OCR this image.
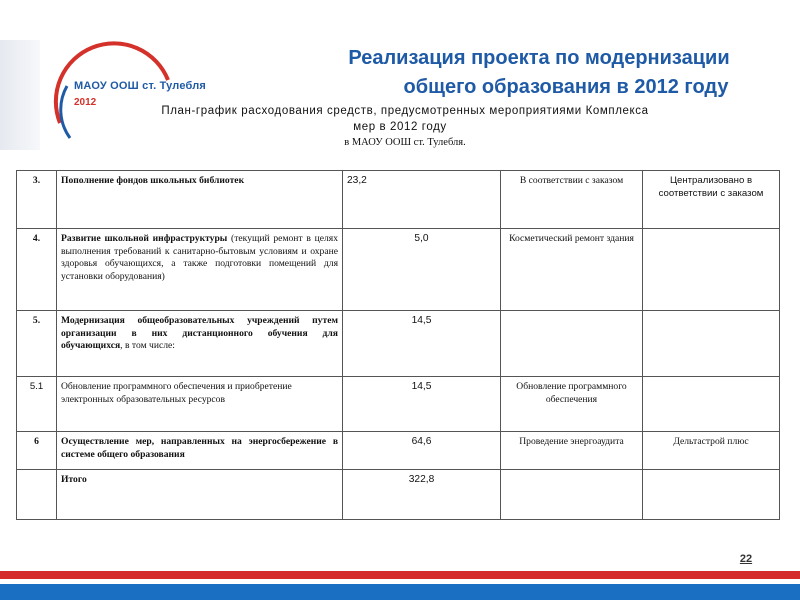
МАОУ ООШ ст. Тулебля
2012
Реализация проекта по модернизации
общего образования в 2012 году
План-график расходования средств, предусмотренных мероприятиями Комплекса
мер в 2012 году
в МАОУ ООШ ст. Тулебля.
3.	Пополнение фондов школьных библиотек	23,2	В соответствии с заказом	Централизовано в соответствии с заказом
4.	Развитие школьной инфраструктуры (текущий ремонт в целях выполнения требований к санитарно-бытовым условиям и охране здоровья обучающихся, а также подготовки помещений для установки оборудования)	5,0	Косметический ремонт здания	
5.	Модернизация общеобразовательных учреждений путем организации в них дистанционного обучения для обучающихся, в том числе:	14,5		
5.1	Обновление программного обеспечения и приобретение электронных образовательных ресурсов	14,5	Обновление программного обеспечения	
6	Осуществление мер, направленных на энергосбережение в системе общего образования	64,6	Проведение энергоаудита	Дельтастрой плюс
	Итого	322,8		
22
